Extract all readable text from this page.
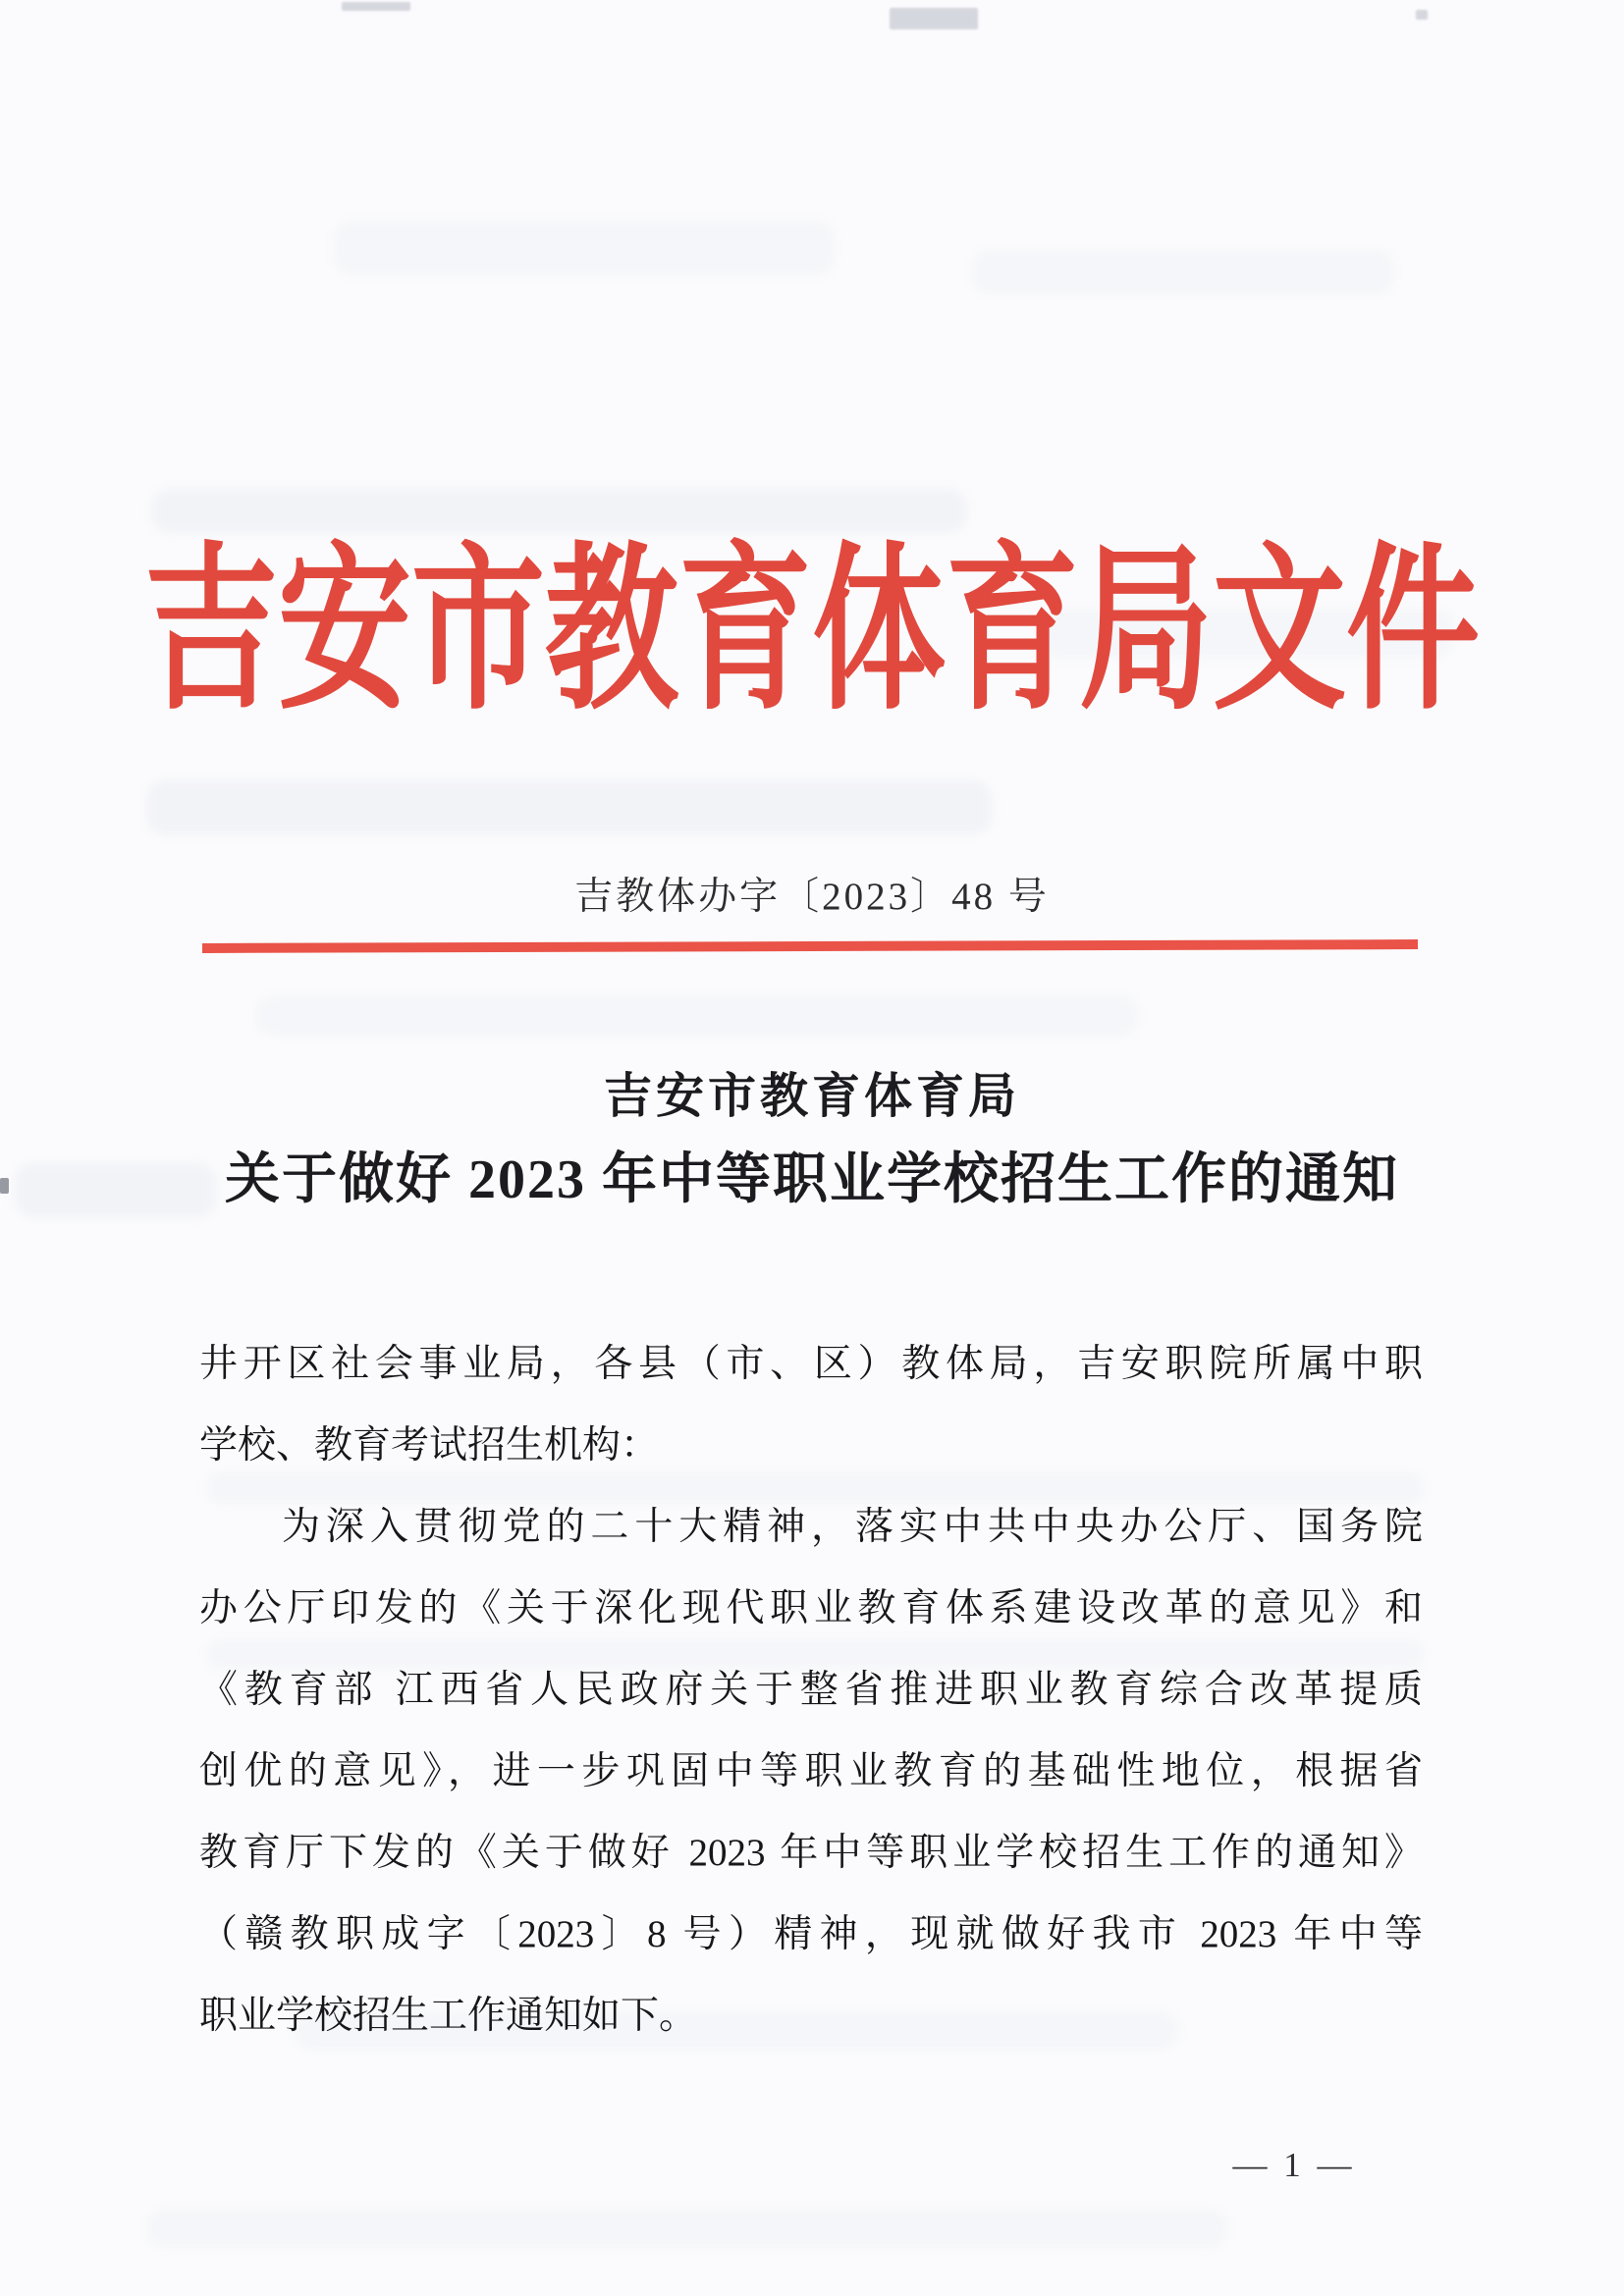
吉安市教育体育局文件
吉教体办字〔2023〕48 号
吉安市教育体育局
关于做好 2023 年中等职业学校招生工作的通知
井开区社会事业局，各县（市、区）教体局，吉安职院所属中职
学校、教育考试招生机构：
为深入贯彻党的二十大精神，落实中共中央办公厅、国务院
办公厅印发的《关于深化现代职业教育体系建设改革的意见》和
《教育部 江西省人民政府关于整省推进职业教育综合改革提质
创优的意见》，进一步巩固中等职业教育的基础性地位，根据省
教育厅下发的《关于做好 2023 年中等职业学校招生工作的通知》
（赣教职成字〔2023〕8 号）精神，现就做好我市 2023 年中等
职业学校招生工作通知如下。
— 1 —
